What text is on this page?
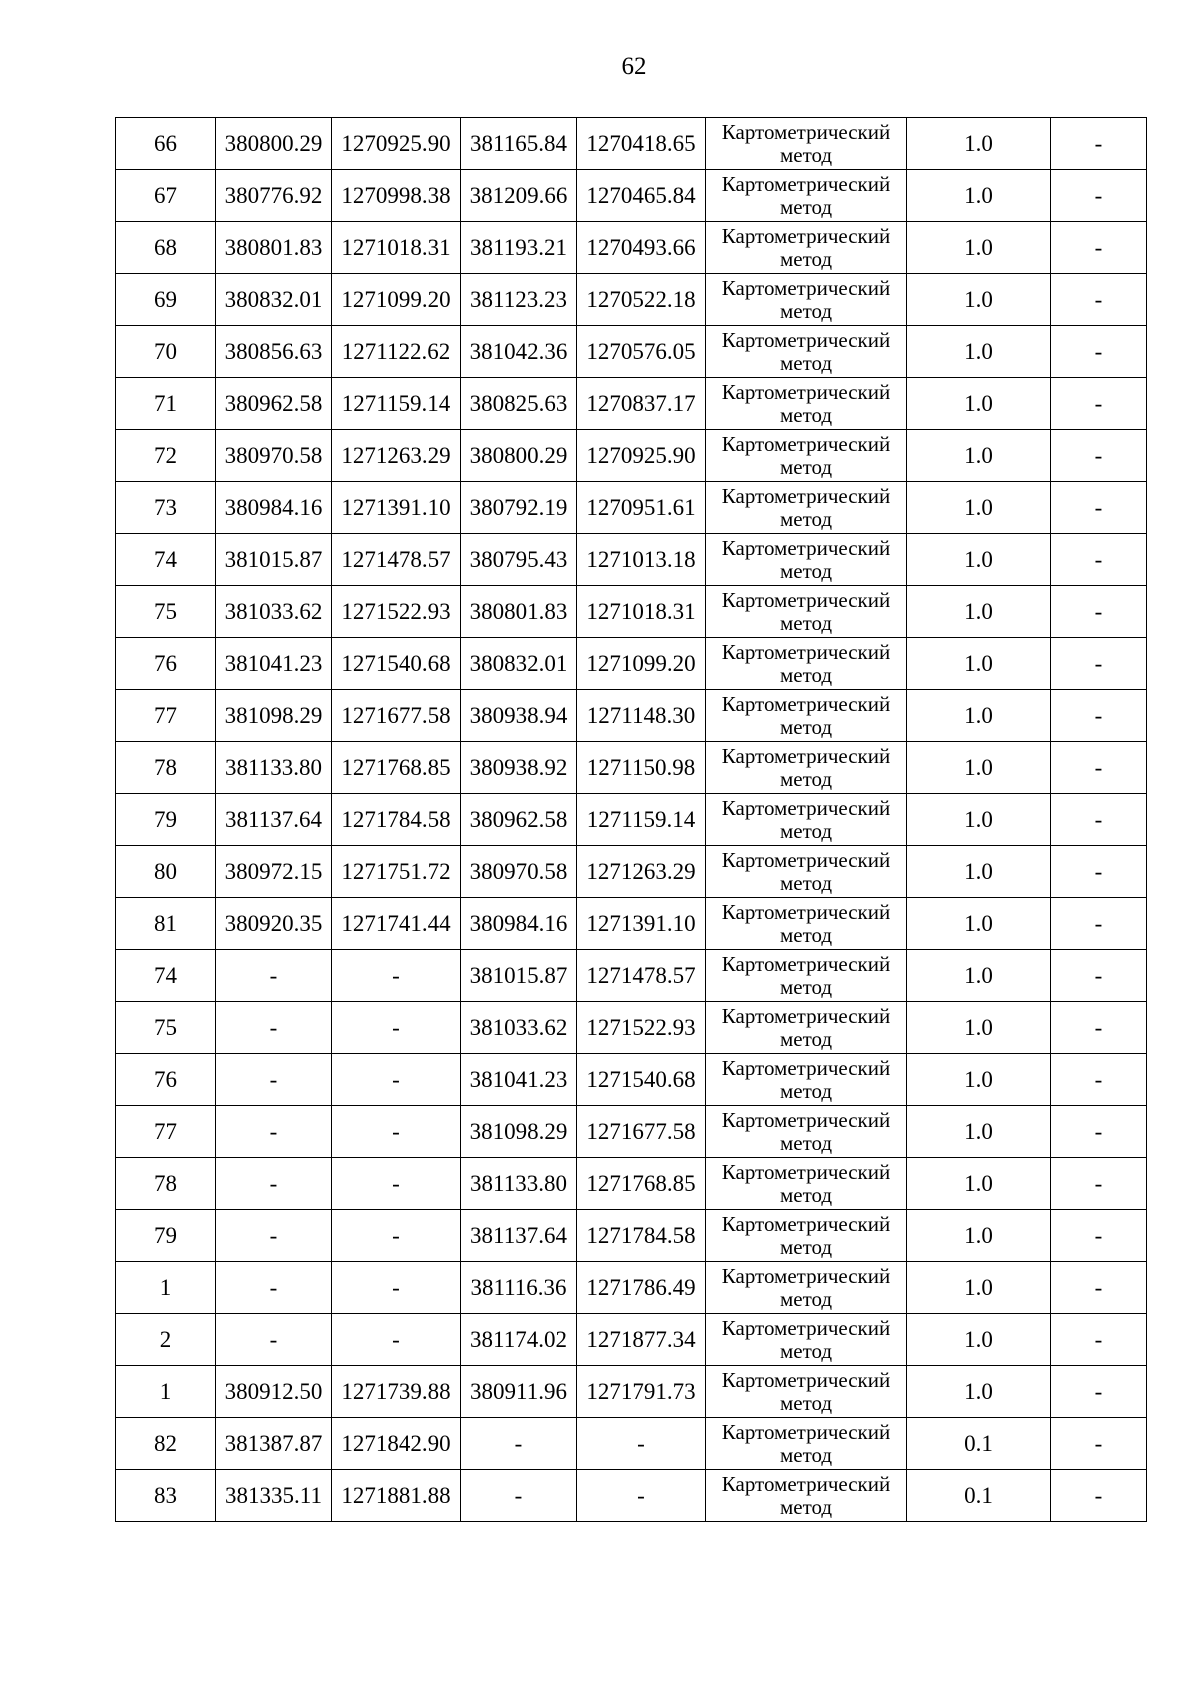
62
66	380800.29	1270925.90	381165.84	1270418.65	Картометрический
метод	1.0	-
67	380776.92	1270998.38	381209.66	1270465.84	Картометрический
метод	1.0	-
68	380801.83	1271018.31	381193.21	1270493.66	Картометрический
метод	1.0	-
69	380832.01	1271099.20	381123.23	1270522.18	Картометрический
метод	1.0	-
70	380856.63	1271122.62	381042.36	1270576.05	Картометрический
метод	1.0	-
71	380962.58	1271159.14	380825.63	1270837.17	Картометрический
метод	1.0	-
72	380970.58	1271263.29	380800.29	1270925.90	Картометрический
метод	1.0	-
73	380984.16	1271391.10	380792.19	1270951.61	Картометрический
метод	1.0	-
74	381015.87	1271478.57	380795.43	1271013.18	Картометрический
метод	1.0	-
75	381033.62	1271522.93	380801.83	1271018.31	Картометрический
метод	1.0	-
76	381041.23	1271540.68	380832.01	1271099.20	Картометрический
метод	1.0	-
77	381098.29	1271677.58	380938.94	1271148.30	Картометрический
метод	1.0	-
78	381133.80	1271768.85	380938.92	1271150.98	Картометрический
метод	1.0	-
79	381137.64	1271784.58	380962.58	1271159.14	Картометрический
метод	1.0	-
80	380972.15	1271751.72	380970.58	1271263.29	Картометрический
метод	1.0	-
81	380920.35	1271741.44	380984.16	1271391.10	Картометрический
метод	1.0	-
74	-	-	381015.87	1271478.57	Картометрический
метод	1.0	-
75	-	-	381033.62	1271522.93	Картометрический
метод	1.0	-
76	-	-	381041.23	1271540.68	Картометрический
метод	1.0	-
77	-	-	381098.29	1271677.58	Картометрический
метод	1.0	-
78	-	-	381133.80	1271768.85	Картометрический
метод	1.0	-
79	-	-	381137.64	1271784.58	Картометрический
метод	1.0	-
1	-	-	381116.36	1271786.49	Картометрический
метод	1.0	-
2	-	-	381174.02	1271877.34	Картометрический
метод	1.0	-
1	380912.50	1271739.88	380911.96	1271791.73	Картометрический
метод	1.0	-
82	381387.87	1271842.90	-	-	Картометрический
метод	0.1	-
83	381335.11	1271881.88	-	-	Картометрический
метод	0.1	-
